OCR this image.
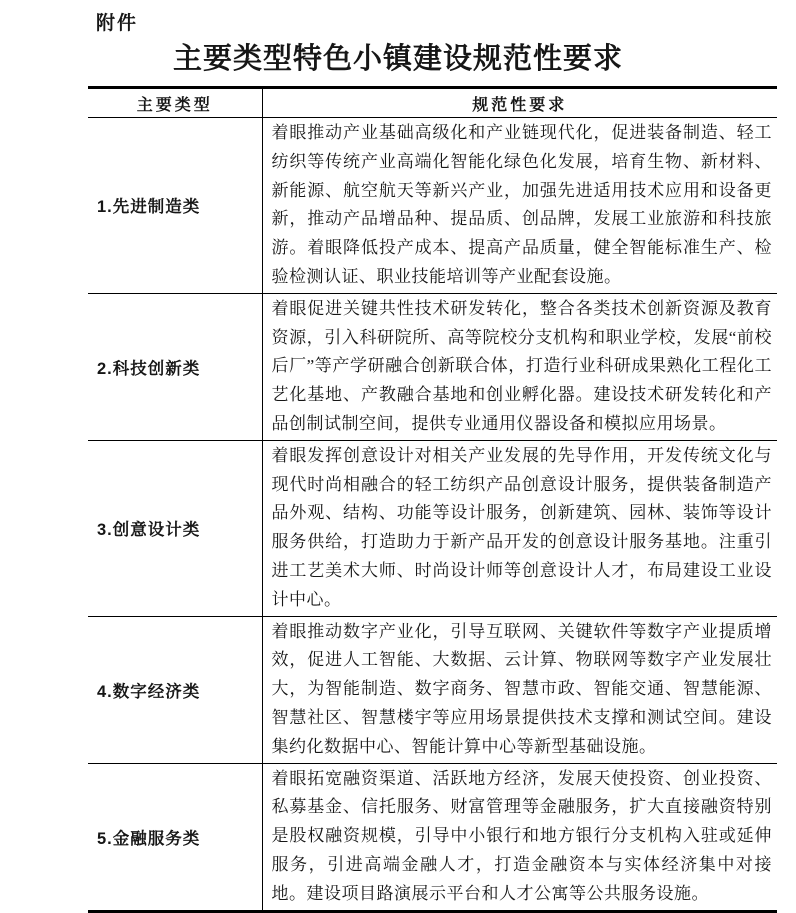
附件
主要类型特色小镇建设规范性要求
主要类型	规范性要求
1.先进制造类	着眼推动产业基础高级化和产业链现代化，促进装备制造、轻工纺织等传统产业高端化智能化绿色化发展，培育生物、新材料、新能源、航空航天等新兴产业，加强先进适用技术应用和设备更新，推动产品增品种、提品质、创品牌，发展工业旅游和科技旅游。着眼降低投产成本、提高产品质量，健全智能标准生产、检验检测认证、职业技能培训等产业配套设施。
2.科技创新类	着眼促进关键共性技术研发转化，整合各类技术创新资源及教育资源，引入科研院所、高等院校分支机构和职业学校，发展“前校后厂”等产学研融合创新联合体，打造行业科研成果熟化工程化工艺化基地、产教融合基地和创业孵化器。建设技术研发转化和产品创制试制空间，提供专业通用仪器设备和模拟应用场景。
3.创意设计类	着眼发挥创意设计对相关产业发展的先导作用，开发传统文化与现代时尚相融合的轻工纺织产品创意设计服务，提供装备制造产品外观、结构、功能等设计服务，创新建筑、园林、装饰等设计服务供给，打造助力于新产品开发的创意设计服务基地。注重引进工艺美术大师、时尚设计师等创意设计人才，布局建设工业设计中心。
4.数字经济类	着眼推动数字产业化，引导互联网、关键软件等数字产业提质增效，促进人工智能、大数据、云计算、物联网等数字产业发展壮大，为智能制造、数字商务、智慧市政、智能交通、智慧能源、智慧社区、智慧楼宇等应用场景提供技术支撑和测试空间。建设集约化数据中心、智能计算中心等新型基础设施。
5.金融服务类	着眼拓宽融资渠道、活跃地方经济，发展天使投资、创业投资、私募基金、信托服务、财富管理等金融服务，扩大直接融资特别是股权融资规模，引导中小银行和地方银行分支机构入驻或延伸服务，引进高端金融人才，打造金融资本与实体经济集中对接地。建设项目路演展示平台和人才公寓等公共服务设施。
